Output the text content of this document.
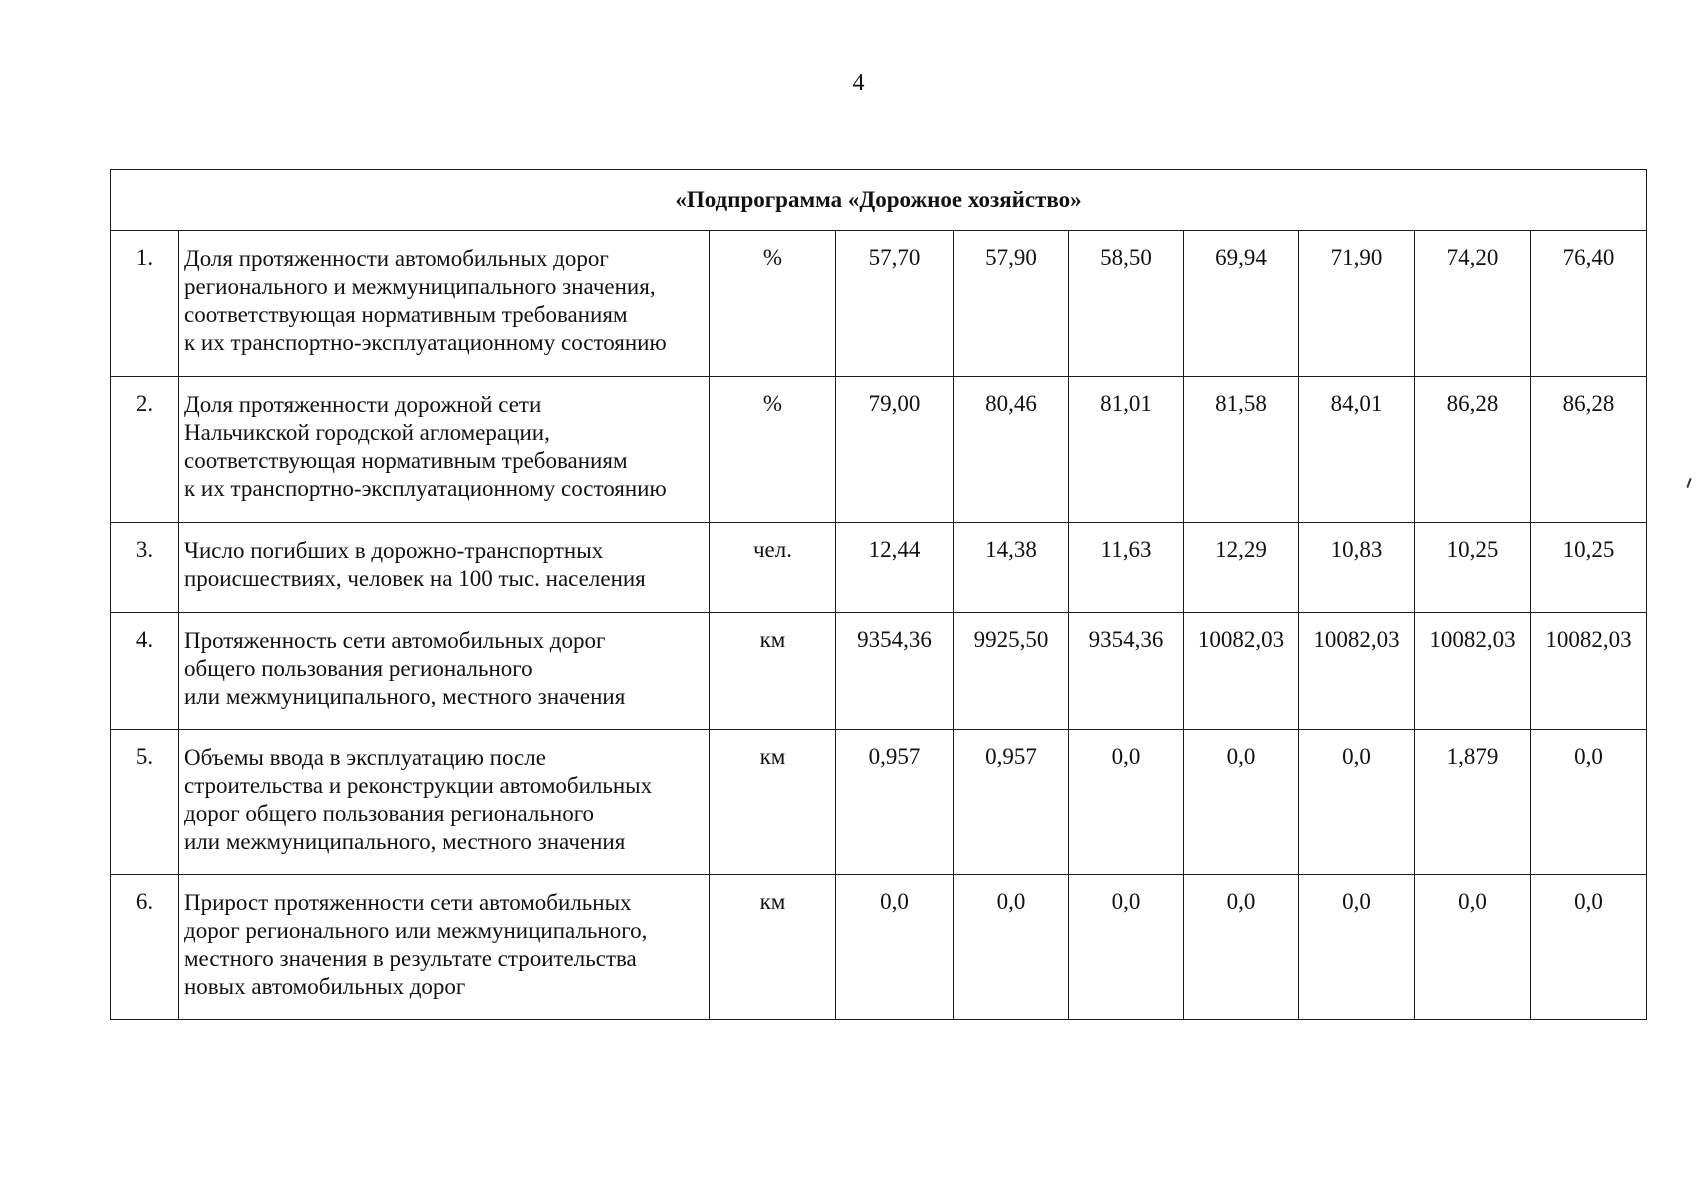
4
«Подпрограмма «Дорожное хозяйство»									
1.	Доля протяженности автомобильных дорог
регионального и межмуниципального значения,
соответствующая нормативным требованиям
к их транспортно-эксплуатационному состоянию	%	57,70	57,90	58,50	69,94	71,90	74,20	76,40
2.	Доля протяженности дорожной сети
Нальчикской городской агломерации,
соответствующая нормативным требованиям
к их транспортно-эксплуатационному состоянию	%	79,00	80,46	81,01	81,58	84,01	86,28	86,28
3.	Число погибших в дорожно-транспортных
происшествиях, человек на 100 тыс. населения	чел.	12,44	14,38	11,63	12,29	10,83	10,25	10,25
4.	Протяженность сети автомобильных дорог
общего пользования регионального
или межмуниципального, местного значения	км	9354,36	9925,50	9354,36	10082,03	10082,03	10082,03	10082,03
5.	Объемы ввода в эксплуатацию после
строительства и реконструкции автомобильных
дорог общего пользования регионального
или межмуниципального, местного значения	км	0,957	0,957	0,0	0,0	0,0	1,879	0,0
6.	Прирост протяженности сети автомобильных
дорог регионального или межмуниципального,
местного значения в результате строительства
новых автомобильных дорог	км	0,0	0,0	0,0	0,0	0,0	0,0	0,0
